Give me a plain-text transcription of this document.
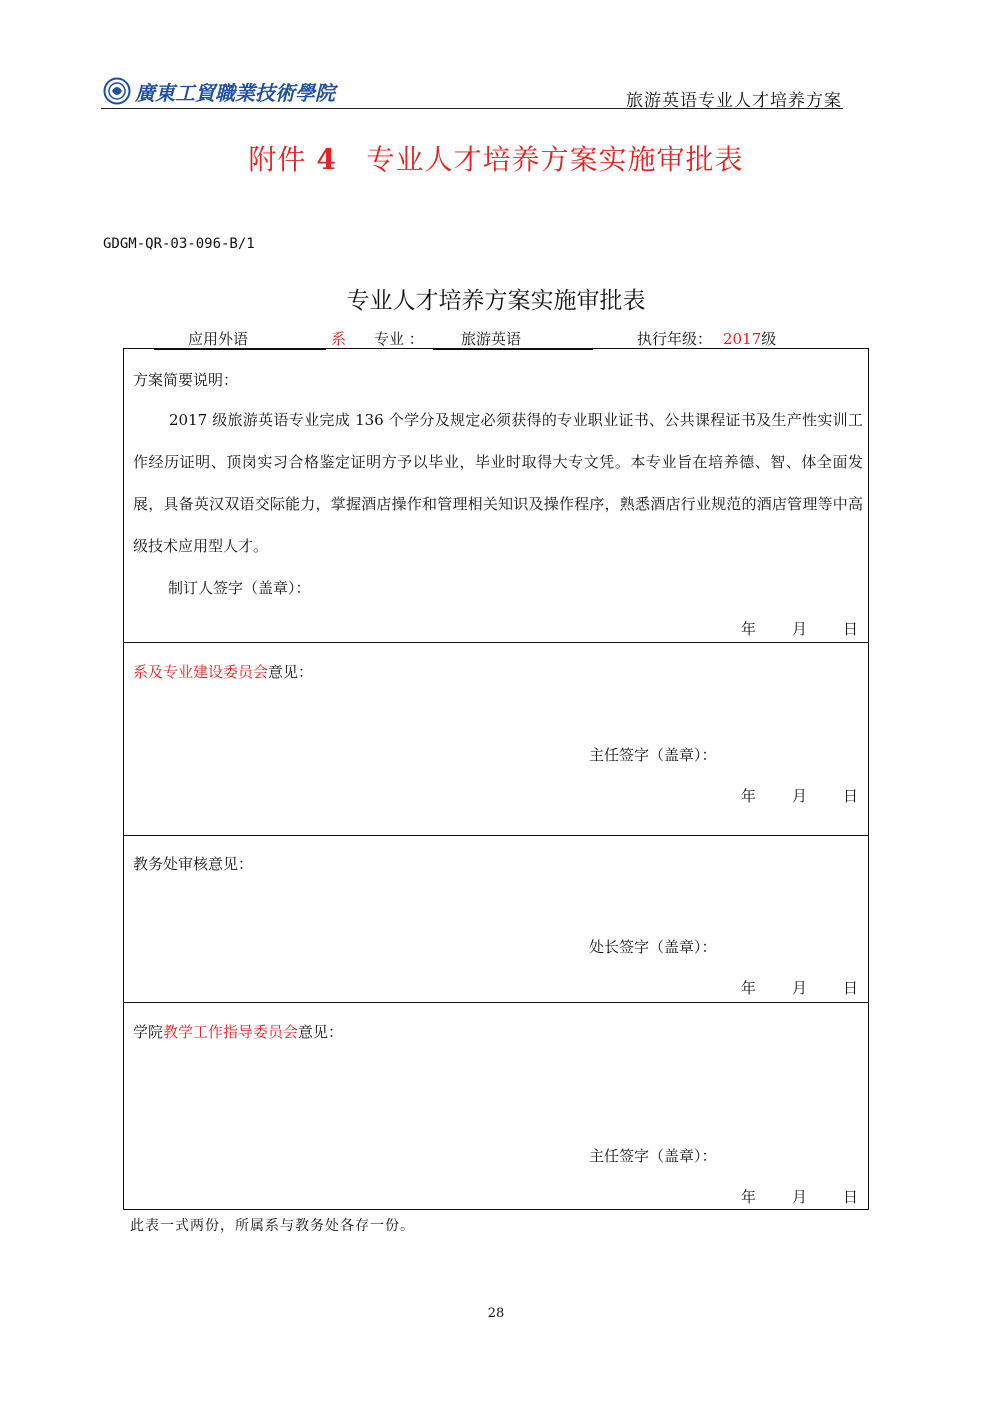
廣東工貿職業技術學院	旅游英语专业人才培养方案
附件 4 专业人才培养方案实施审批表
GDGM-QR-03-096-B/1
专业人才培养方案实施审批表
应用外语	系 专业 ：	旅游英语	执行年级： 2017级
方案简要说明：
2017 级旅游英语专业完成 136 个学分及规定必须获得的专业职业证书、公共课程证书及生产性实训工作经历证明、顶岗实习合格鉴定证明方予以毕业，毕业时取得大专文凭。本专业旨在培养德、智、体全面发展，具备英汉双语交际能力，掌握酒店操作和管理相关知识及操作程序，熟悉酒店行业规范的酒店管理等中高级技术应用型人才。
制订人签字（盖章）：
年 月 日
系及专业建设委员会意见：
主任签字（盖章）：
年 月 日
教务处审核意见：
处长签字（盖章）：
年 月 日
学院教学工作指导委员会意见：
主任签字（盖章）：
年 月 日
此表一式两份，所属系与教务处各存一份。
28
